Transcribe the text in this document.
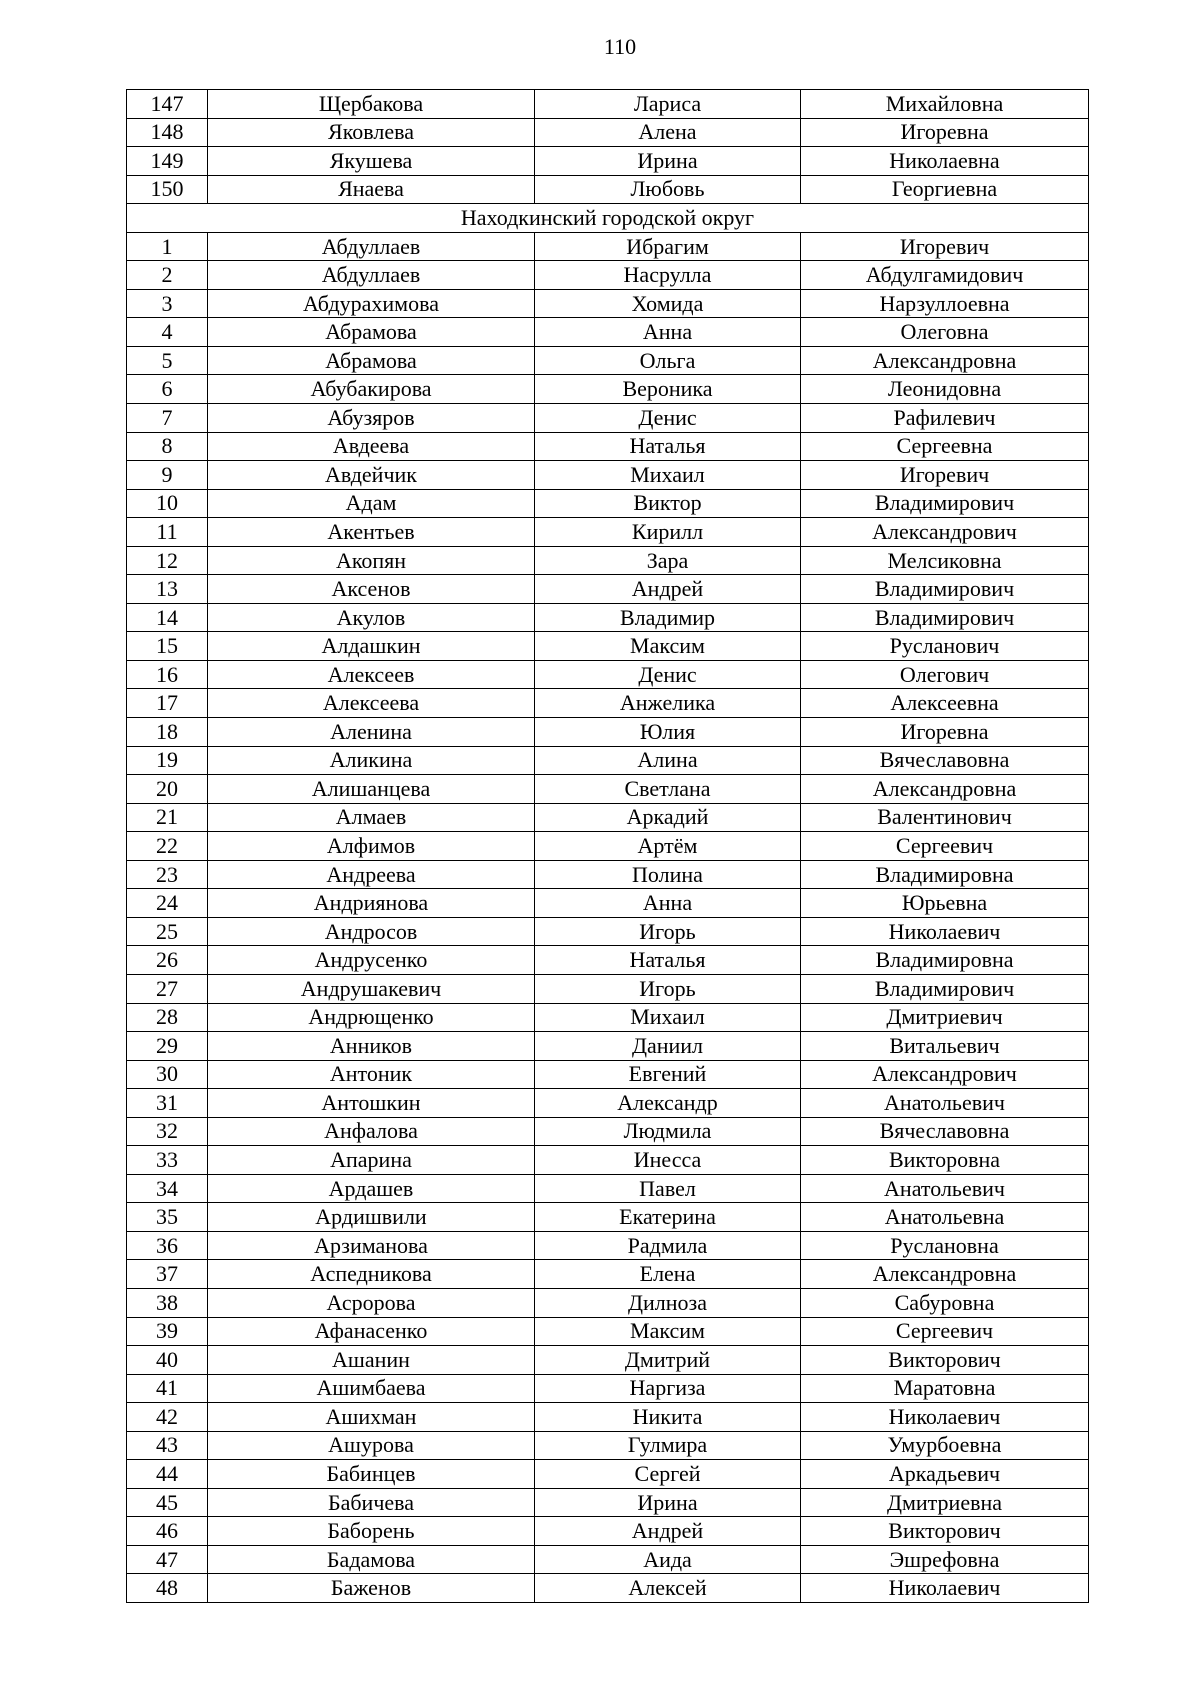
110
147	Щербакова	Лариса	Михайловна
148	Яковлева	Алена	Игоревна
149	Якушева	Ирина	Николаевна
150	Янаева	Любовь	Георгиевна
Находкинский городской округ			
1	Абдуллаев	Ибрагим	Игоревич
2	Абдуллаев	Насрулла	Абдулгамидович
3	Абдурахимова	Хомида	Нарзуллоевна
4	Абрамова	Анна	Олеговна
5	Абрамова	Ольга	Александровна
6	Абубакирова	Вероника	Леонидовна
7	Абузяров	Денис	Рафилевич
8	Авдеева	Наталья	Сергеевна
9	Авдейчик	Михаил	Игоревич
10	Адам	Виктор	Владимирович
11	Акентьев	Кирилл	Александрович
12	Акопян	Зара	Мелсиковна
13	Аксенов	Андрей	Владимирович
14	Акулов	Владимир	Владимирович
15	Алдашкин	Максим	Русланович
16	Алексеев	Денис	Олегович
17	Алексеева	Анжелика	Алексеевна
18	Аленина	Юлия	Игоревна
19	Аликина	Алина	Вячеславовна
20	Алишанцева	Светлана	Александровна
21	Алмаев	Аркадий	Валентинович
22	Алфимов	Артём	Сергеевич
23	Андреева	Полина	Владимировна
24	Андриянова	Анна	Юрьевна
25	Андросов	Игорь	Николаевич
26	Андрусенко	Наталья	Владимировна
27	Андрушакевич	Игорь	Владимирович
28	Андрющенко	Михаил	Дмитриевич
29	Анников	Даниил	Витальевич
30	Антоник	Евгений	Александрович
31	Антошкин	Александр	Анатольевич
32	Анфалова	Людмила	Вячеславовна
33	Апарина	Инесса	Викторовна
34	Ардашев	Павел	Анатольевич
35	Ардишвили	Екатерина	Анатольевна
36	Арзиманова	Радмила	Руслановна
37	Аспедникова	Елена	Александровна
38	Асророва	Дилноза	Сабуровна
39	Афанасенко	Максим	Сергеевич
40	Ашанин	Дмитрий	Викторович
41	Ашимбаева	Наргиза	Маратовна
42	Ашихман	Никита	Николаевич
43	Ашурова	Гулмира	Умурбоевна
44	Бабинцев	Сергей	Аркадьевич
45	Бабичева	Ирина	Дмитриевна
46	Баборень	Андрей	Викторович
47	Бадамова	Аида	Эшрефовна
48	Баженов	Алексей	Николаевич
